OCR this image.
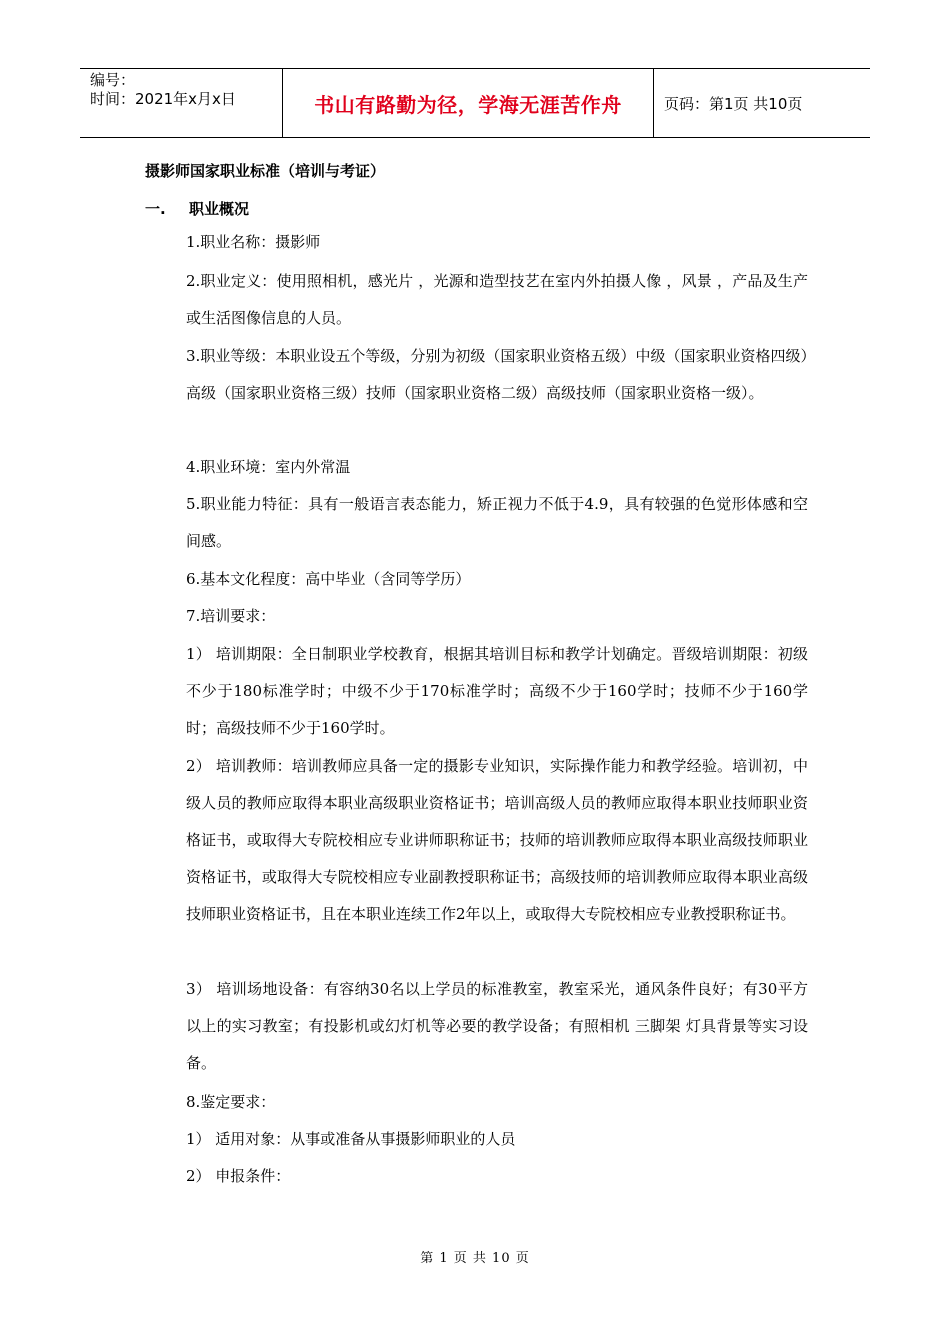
编号：
时间：2021年x月x日	书山有路勤为径，学海无涯苦作舟	页码：第1页 共10页
摄影师国家职业标准（培训与考证）
一. 职业概况
1.职业名称：摄影师
2.职业定义：使用照相机，感光片 ，光源和造型技艺在室内外拍摄人像 ，风景 ，产品及生产或生活图像信息的人员。
3.职业等级：本职业设五个等级，分别为初级（国家职业资格五级）中级（国家职业资格四级）高级（国家职业资格三级）技师（国家职业资格二级）高级技师（国家职业资格一级）。
4.职业环境：室内外常温
5.职业能力特征：具有一般语言表态能力，矫正视力不低于4.9，具有较强的色觉形体感和空间感。
6.基本文化程度：高中毕业（含同等学历）
7.培训要求：
1） 培训期限：全日制职业学校教育，根据其培训目标和教学计划确定。晋级培训期限：初级不少于180标准学时；中级不少于170标准学时；高级不少于160学时；技师不少于160学时；高级技师不少于160学时。
2） 培训教师：培训教师应具备一定的摄影专业知识，实际操作能力和教学经验。培训初，中级人员的教师应取得本职业高级职业资格证书；培训高级人员的教师应取得本职业技师职业资格证书，或取得大专院校相应专业讲师职称证书；技师的培训教师应取得本职业高级技师职业资格证书，或取得大专院校相应专业副教授职称证书；高级技师的培训教师应取得本职业高级技师职业资格证书，且在本职业连续工作2年以上，或取得大专院校相应专业教授职称证书。
3） 培训场地设备：有容纳30名以上学员的标准教室，教室采光，通风条件良好；有30平方以上的实习教室；有投影机或幻灯机等必要的教学设备；有照相机 三脚架 灯具背景等实习设备。
8.鉴定要求：
1） 适用对象：从事或准备从事摄影师职业的人员
2） 申报条件：
第 1 页 共 10 页
